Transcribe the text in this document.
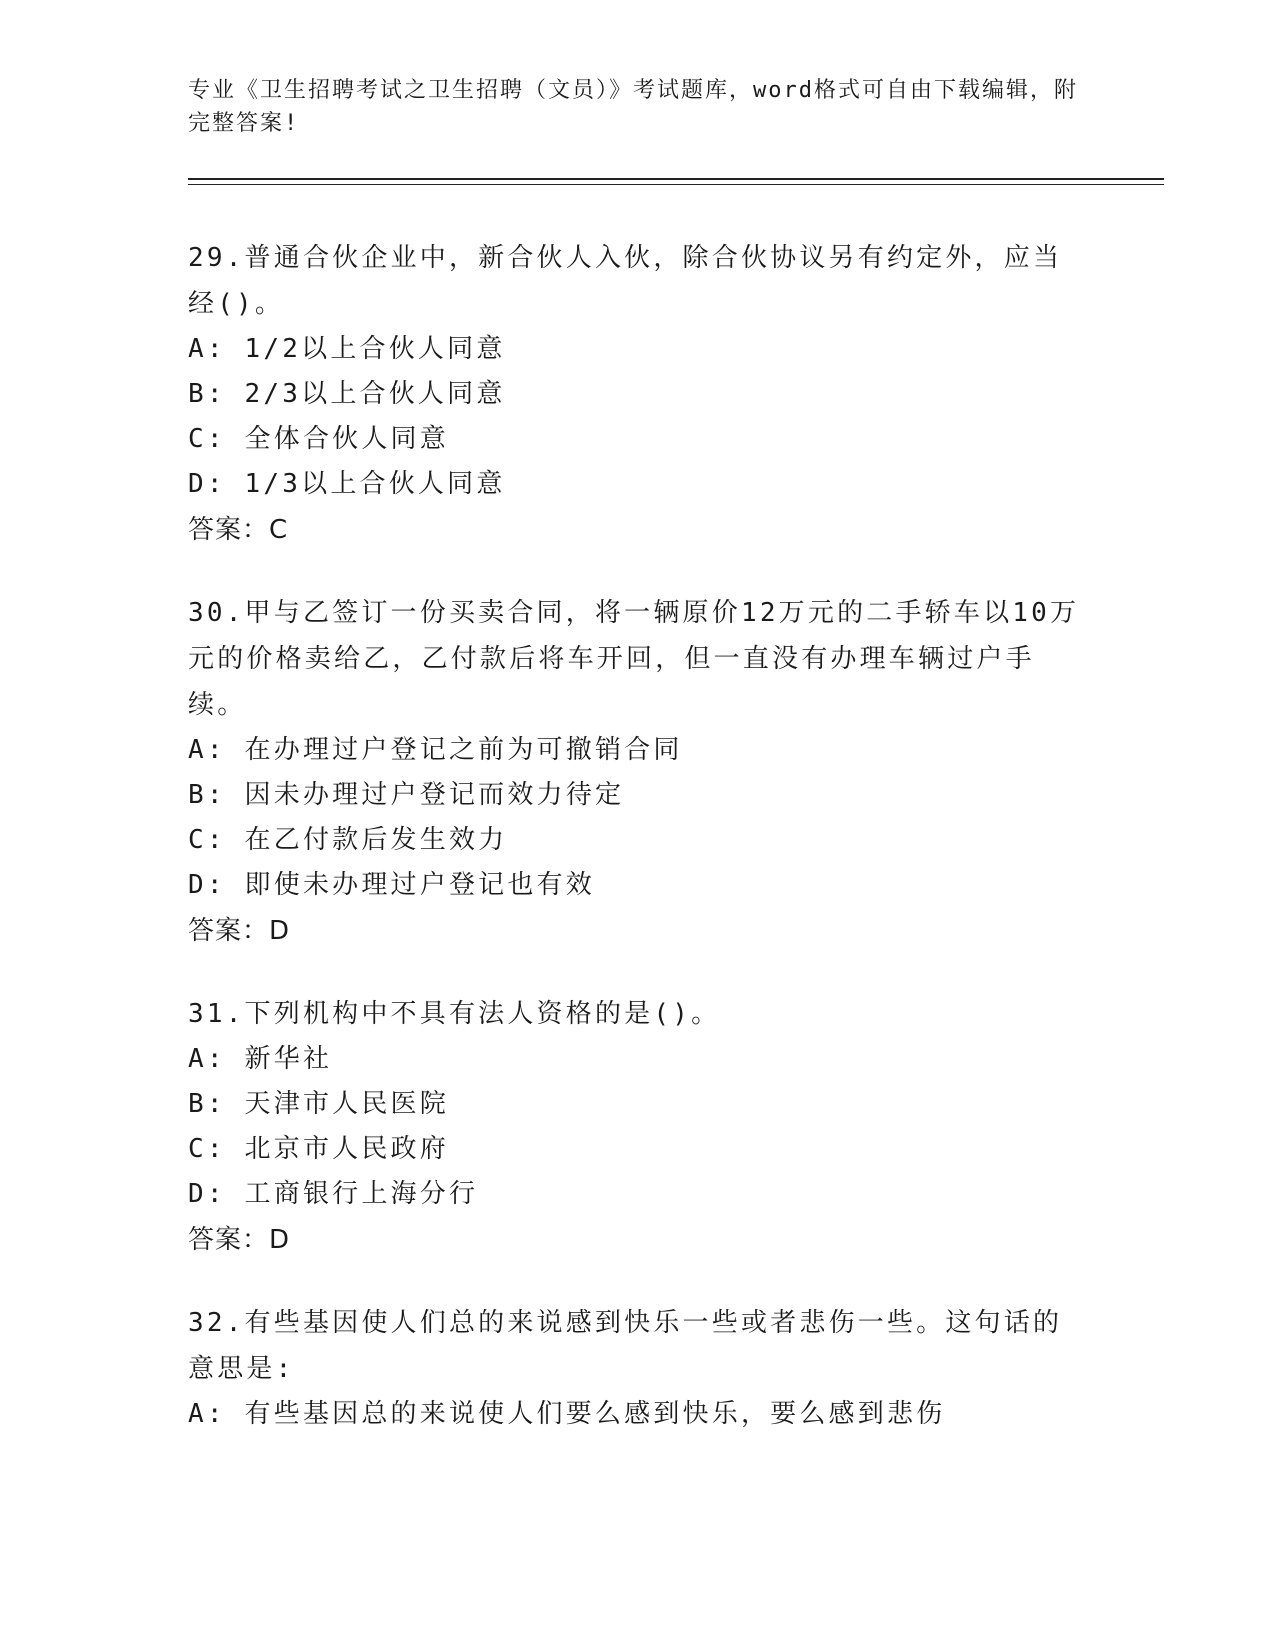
专业《卫生招聘考试之卫生招聘（文员）》考试题库，word格式可自由下载编辑，附完整答案!
29.普通合伙企业中，新合伙人入伙，除合伙协议另有约定外，应当经()。
A: 1/2以上合伙人同意
B: 2/3以上合伙人同意
C: 全体合伙人同意
D: 1/3以上合伙人同意
答案：C
30.甲与乙签订一份买卖合同，将一辆原价12万元的二手轿车以10万元的价格卖给乙，乙付款后将车开回，但一直没有办理车辆过户手续。
A: 在办理过户登记之前为可撤销合同
B: 因未办理过户登记而效力待定
C: 在乙付款后发生效力
D: 即使未办理过户登记也有效
答案：D
31.下列机构中不具有法人资格的是()。
A: 新华社
B: 天津市人民医院
C: 北京市人民政府
D: 工商银行上海分行
答案：D
32.有些基因使人们总的来说感到快乐一些或者悲伤一些。这句话的意思是:
A: 有些基因总的来说使人们要么感到快乐，要么感到悲伤
